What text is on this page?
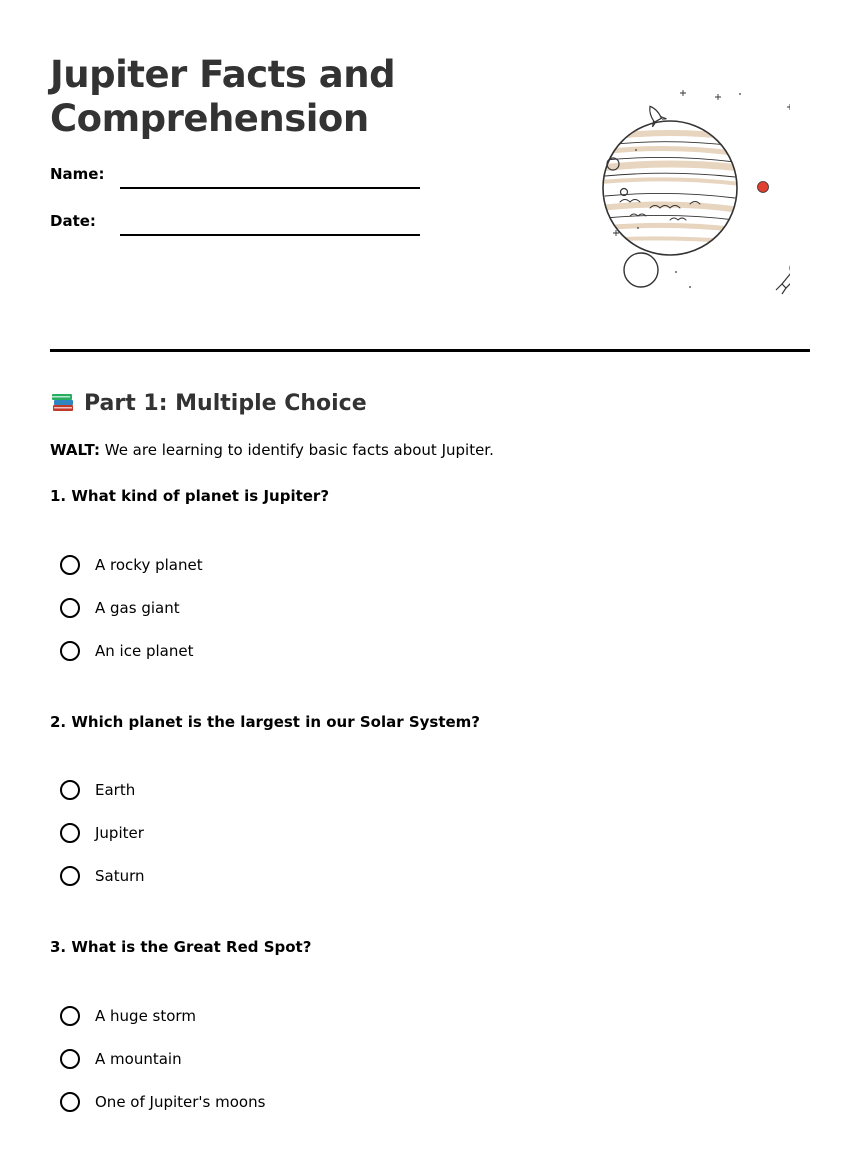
Jupiter Facts and Comprehension
Name:
Date:
Part 1: Multiple Choice
WALT: We are learning to identify basic facts about Jupiter.
1. What kind of planet is Jupiter?
A rocky planet
A gas giant
An ice planet
2. Which planet is the largest in our Solar System?
Earth
Jupiter
Saturn
3. What is the Great Red Spot?
A huge storm
A mountain
One of Jupiter's moons
